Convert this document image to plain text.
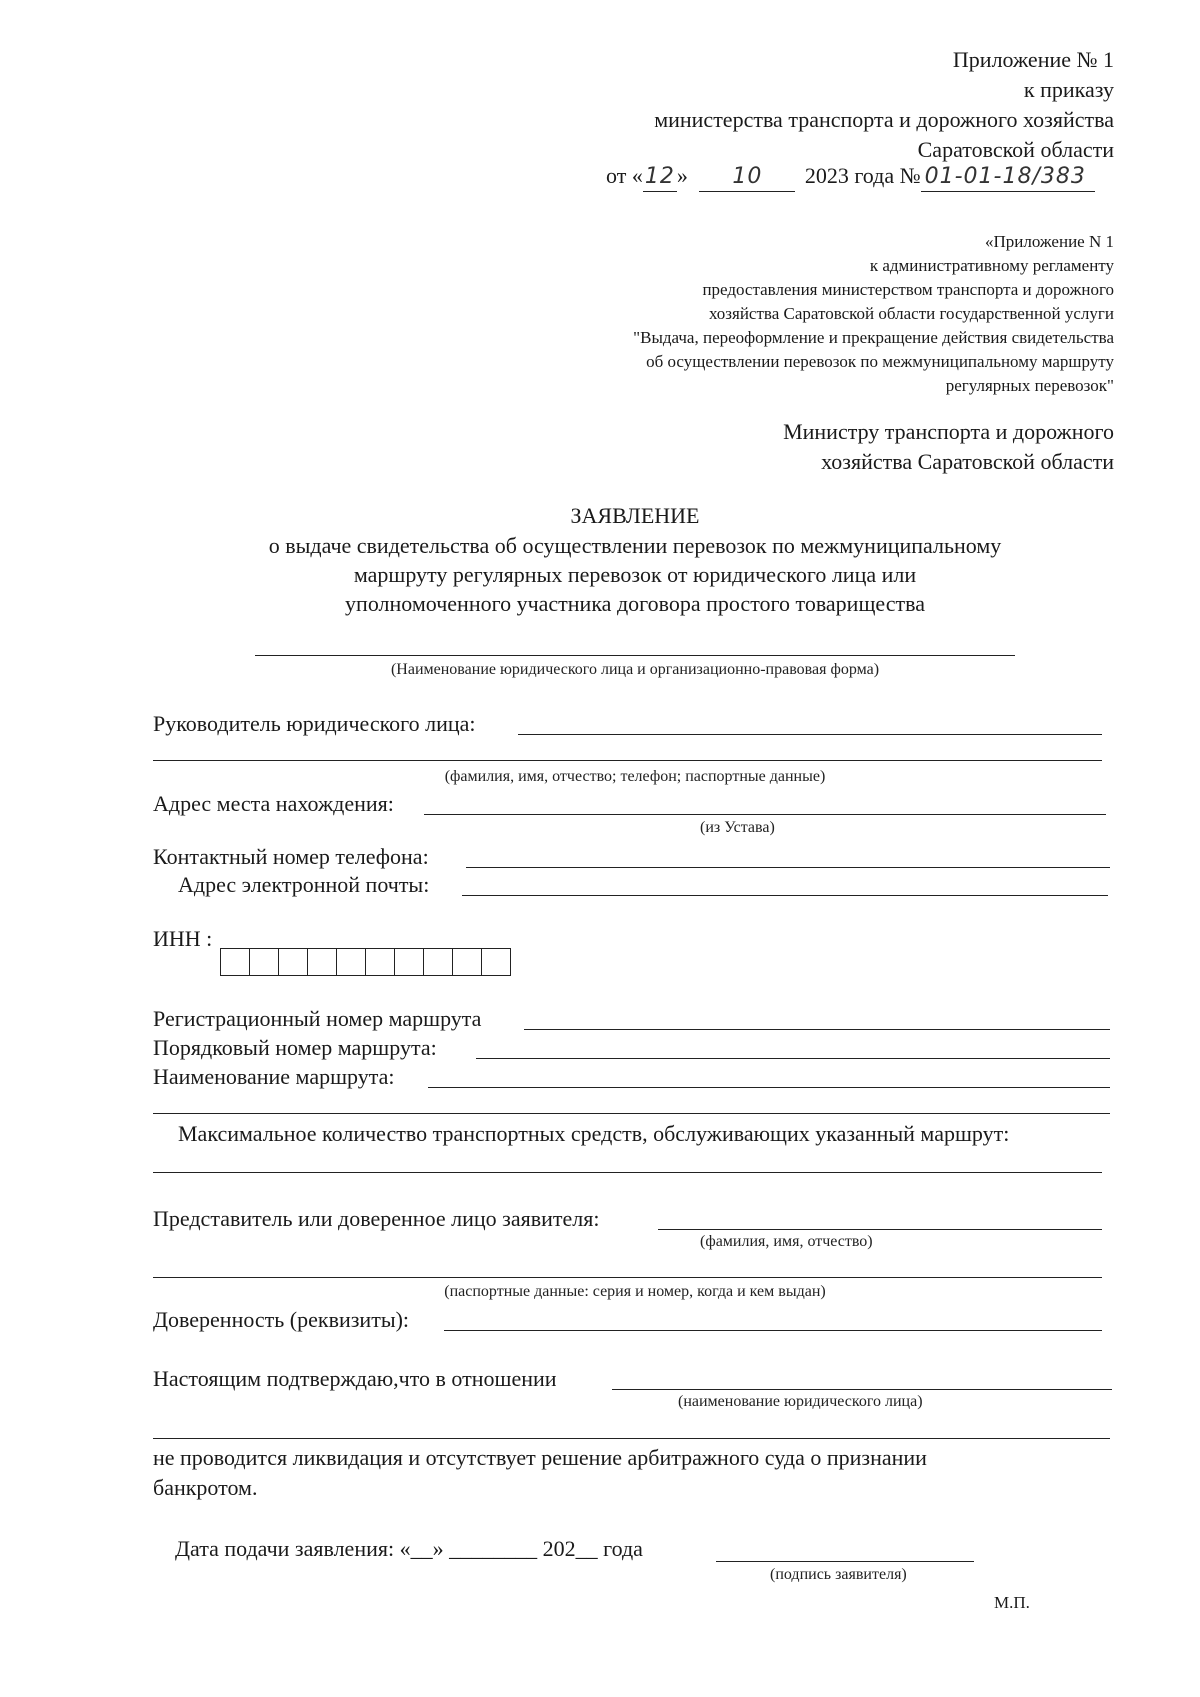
Приложение № 1
к приказу
министерства транспорта и дорожного хозяйства
Саратовской области
от «12» 10 2023 года № 01-01-18/383
«Приложение N 1
к административному регламенту
предоставления министерством транспорта и дорожного
хозяйства Саратовской области государственной услуги
"Выдача, переоформление и прекращение действия свидетельства
об осуществлении перевозок по межмуниципальному маршруту
регулярных перевозок"
Министру транспорта и дорожного
хозяйства Саратовской области
ЗАЯВЛЕНИЕ
о выдаче свидетельства об осуществлении перевозок по межмуниципальному
маршруту регулярных перевозок от юридического лица или
уполномоченного участника договора простого товарищества
(Наименование юридического лица и организационно-правовая форма)
Руководитель юридического лица:
(фамилия, имя, отчество; телефон; паспортные данные)
Адрес места нахождения:
(из Устава)
Контактный номер телефона:
Адрес электронной почты:
ИНН :
Регистрационный номер маршрута
Порядковый номер маршрута:
Наименование маршрута:
Максимальное количество транспортных средств, обслуживающих указанный маршрут:
Представитель или доверенное лицо заявителя:
(фамилия, имя, отчество)
(паспортные данные: серия и номер, когда и кем выдан)
Доверенность (реквизиты):
Настоящим подтверждаю,что в отношении
(наименование юридического лица)
не проводится ликвидация и отсутствует решение арбитражного суда о признании
банкротом.
Дата подачи заявления: «__» ________ 202__ года
(подпись заявителя)
М.П.
